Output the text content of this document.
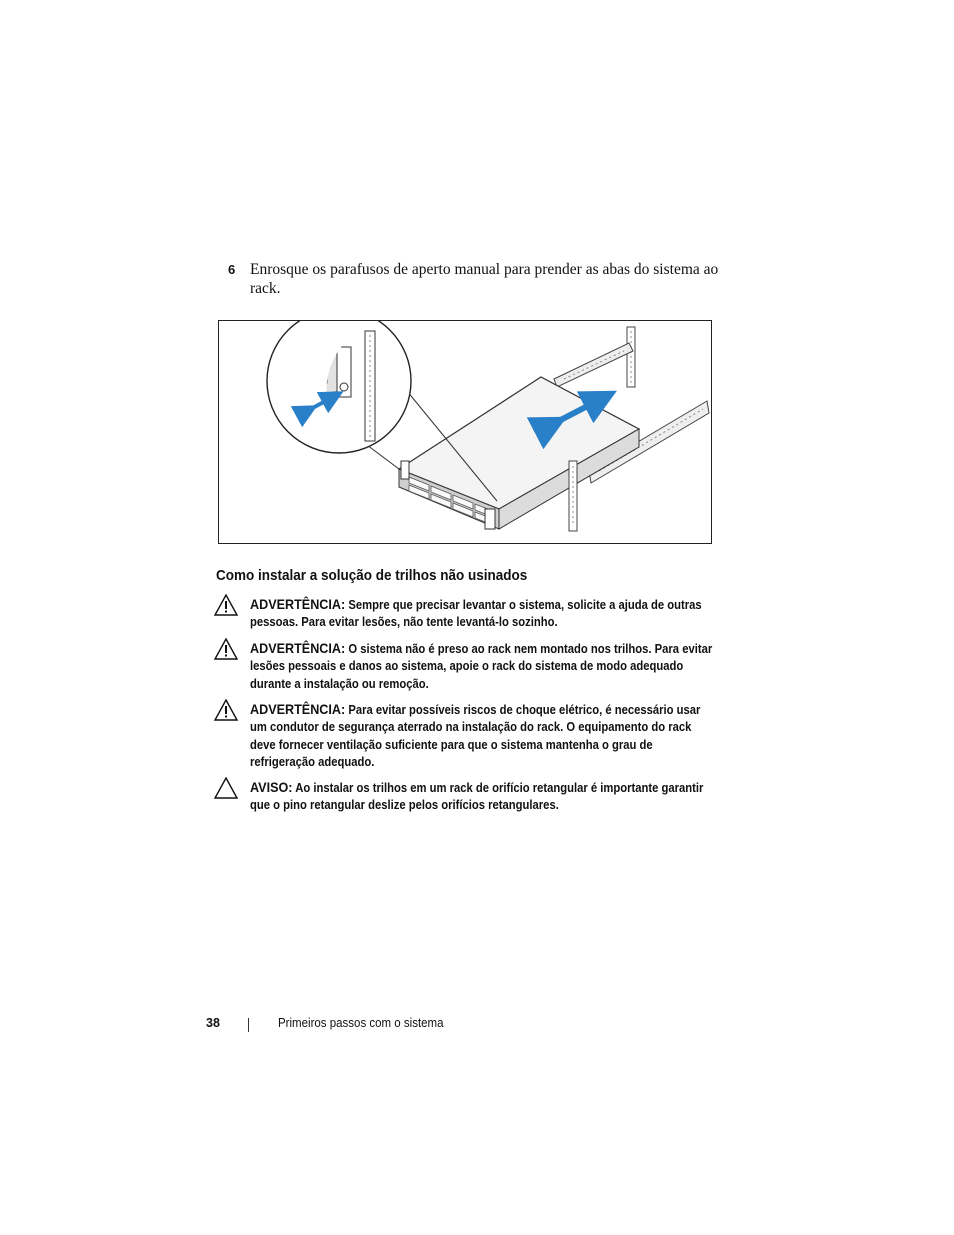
6 Enrosque os parafusos de aperto manual para prender as abas do sistema ao rack.
Como instalar a solução de trilhos não usinados
ADVERTÊNCIA: Sempre que precisar levantar o sistema, solicite a ajuda de outras pessoas. Para evitar lesões, não tente levantá-lo sozinho.
ADVERTÊNCIA: O sistema não é preso ao rack nem montado nos trilhos. Para evitar lesões pessoais e danos ao sistema, apoie o rack do sistema de modo adequado durante a instalação ou remoção.
ADVERTÊNCIA: Para evitar possíveis riscos de choque elétrico, é necessário usar um condutor de segurança aterrado na instalação do rack. O equipamento do rack deve fornecer ventilação suficiente para que o sistema mantenha o grau de refrigeração adequado.
AVISO: Ao instalar os trilhos em um rack de orifício retangular é importante garantir que o pino retangular deslize pelos orifícios retangulares.
38	Primeiros passos com o sistema
